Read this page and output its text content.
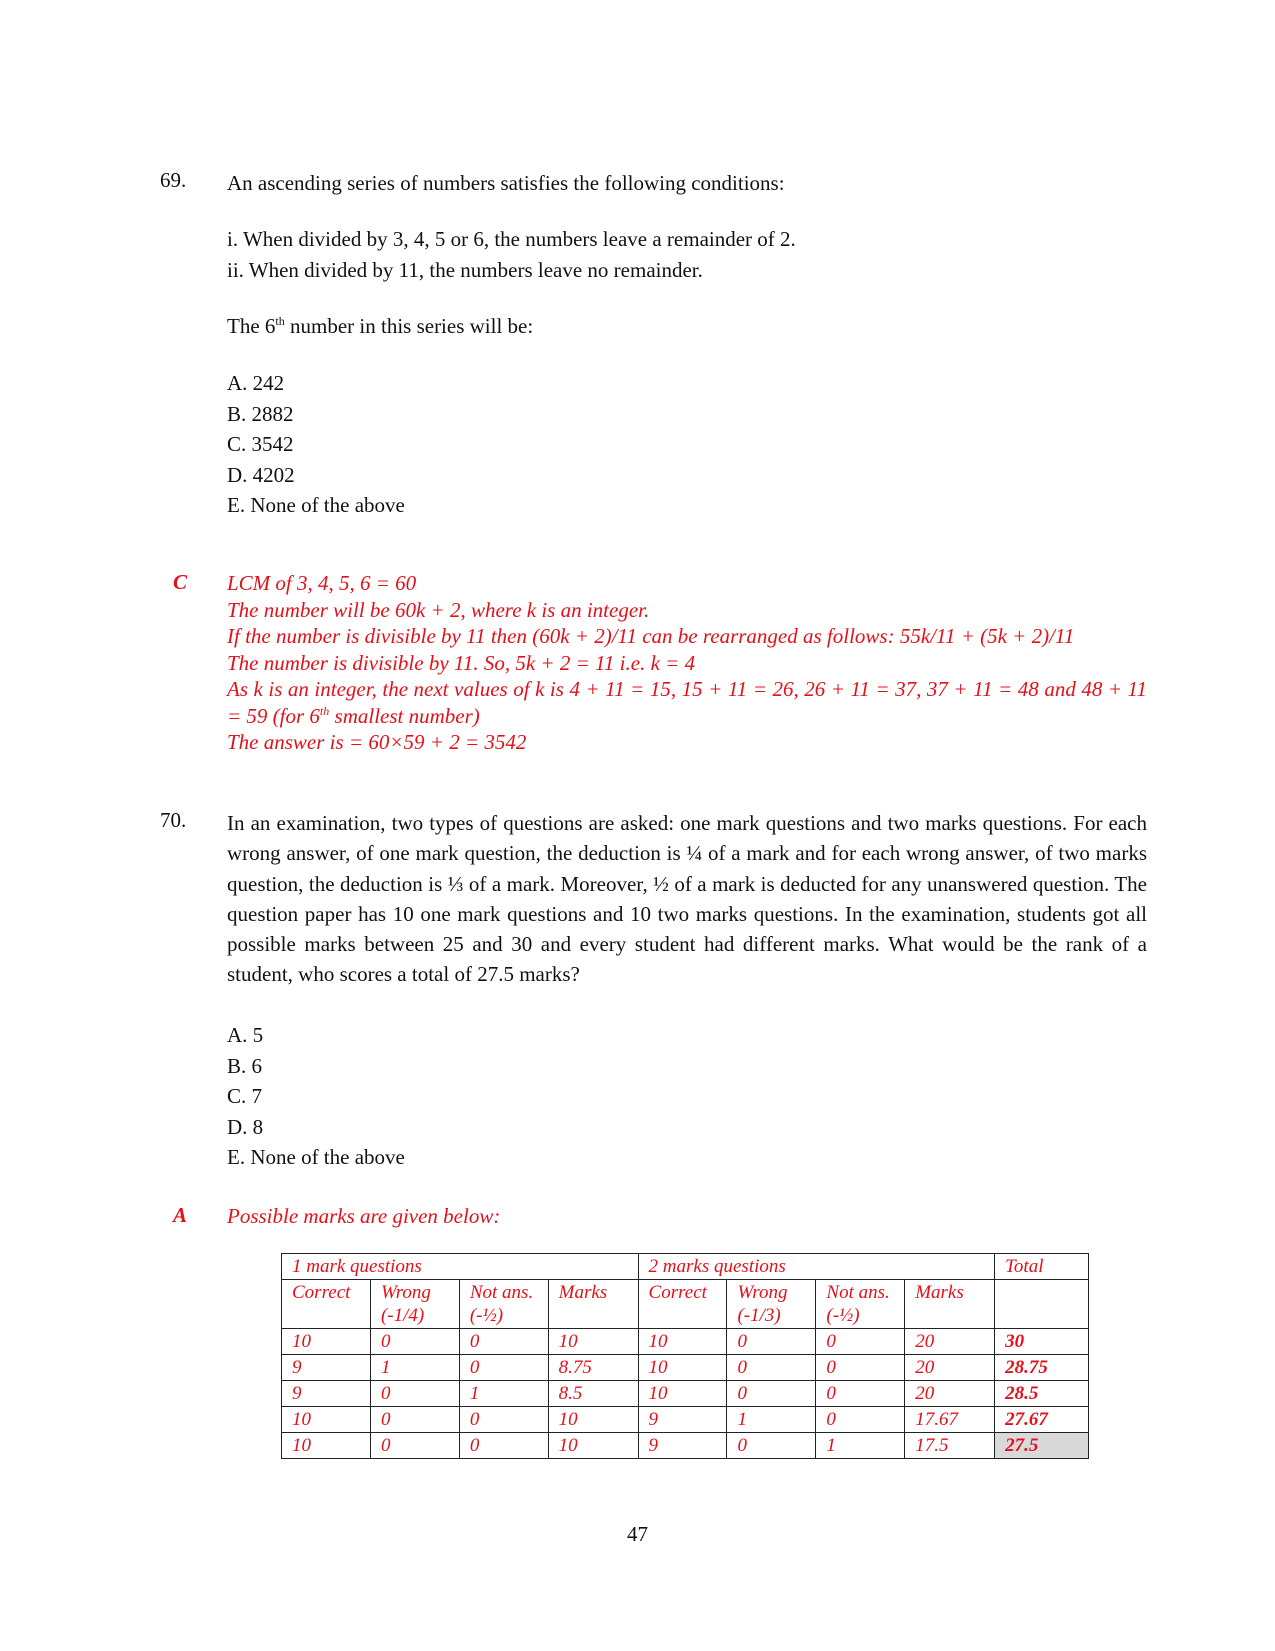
69. An ascending series of numbers satisfies the following conditions:
i. When divided by 3, 4, 5 or 6, the numbers leave a remainder of 2.
ii. When divided by 11, the numbers leave no remainder.
The 6th number in this series will be:
A. 242
B. 2882
C. 3542
D. 4202
E. None of the above
C LCM of 3, 4, 5, 6 = 60
The number will be 60k + 2, where k is an integer.
If the number is divisible by 11 then (60k + 2)/11 can be rearranged as follows: 55k/11 + (5k + 2)/11
The number is divisible by 11. So, 5k + 2 = 11 i.e. k = 4
As k is an integer, the next values of k is 4 + 11 = 15, 15 + 11 = 26, 26 + 11 = 37, 37 + 11 = 48 and 48 + 11 = 59 (for 6th smallest number)
The answer is = 60×59 + 2 = 3542
70. In an examination, two types of questions are asked: one mark questions and two marks questions. For each wrong answer, of one mark question, the deduction is ¼ of a mark and for each wrong answer, of two marks question, the deduction is ⅓ of a mark. Moreover, ½ of a mark is deducted for any unanswered question. The question paper has 10 one mark questions and 10 two marks questions. In the examination, students got all possible marks between 25 and 30 and every student had different marks. What would be the rank of a student, who scores a total of 27.5 marks?
A. 5
B. 6
C. 7
D. 8
E. None of the above
A Possible marks are given below:
1 mark questions				2 marks questions				Total
Correct	Wrong (-1/4)	Not ans. (-½)	Marks	Correct	Wrong (-1/3)	Not ans. (-½)	Marks	
10	0	0	10	10	0	0	20	30
9	1	0	8.75	10	0	0	20	28.75
9	0	1	8.5	10	0	0	20	28.5
10	0	0	10	9	1	0	17.67	27.67
10	0	0	10	9	0	1	17.5	27.5
47
